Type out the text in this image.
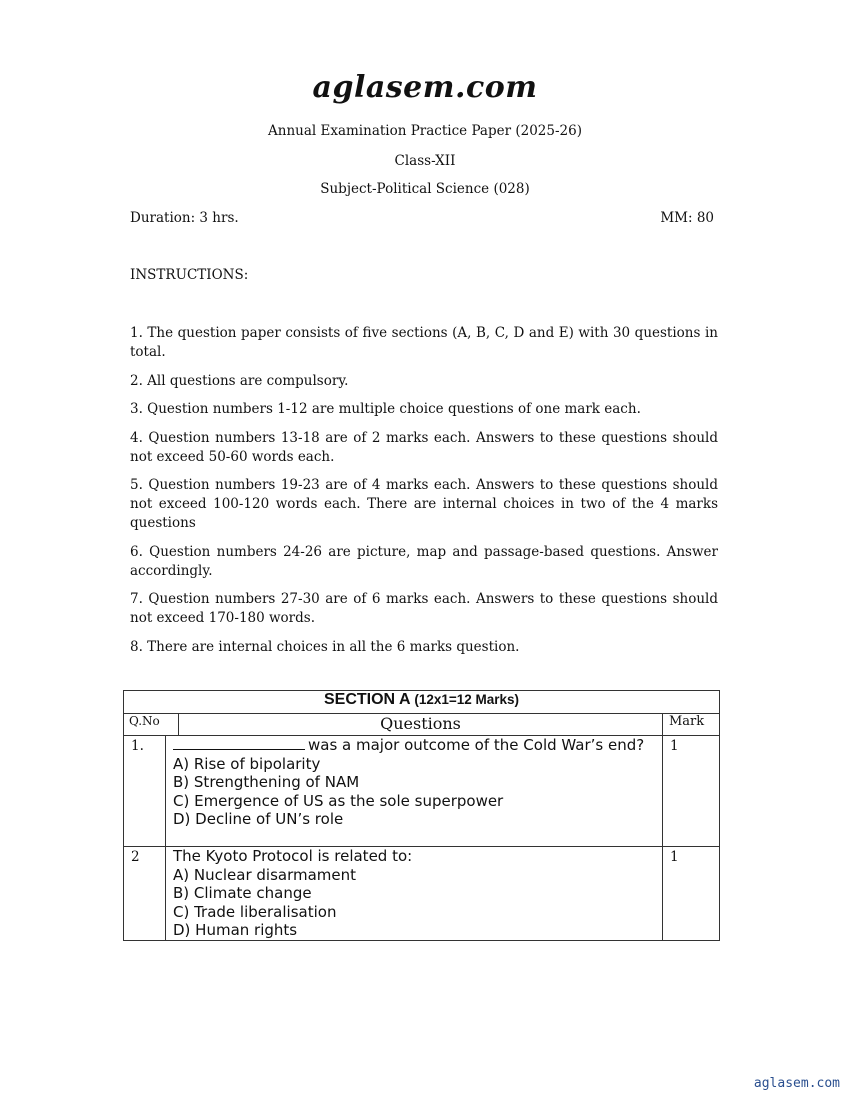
aglasem.com
Annual Examination Practice Paper (2025-26)
Class-XII
Subject-Political Science (028)
Duration: 3 hrs.	MM: 80
INSTRUCTIONS:
1. The question paper consists of five sections (A, B, C, D and E) with 30 questions in total.
2. All questions are compulsory.
3. Question numbers 1-12 are multiple choice questions of one mark each.
4. Question numbers 13-18 are of 2 marks each. Answers to these questions should not exceed 50-60 words each.
5. Question numbers 19-23 are of 4 marks each. Answers to these questions should not exceed 100-120 words each. There are internal choices in two of the 4 marks questions
6. Question numbers 24-26 are picture, map and passage-based questions. Answer accordingly.
7. Question numbers 27-30 are of 6 marks each. Answers to these questions should not exceed 170-180 words.
8. There are internal choices in all the 6 marks question.
SECTION A (12x1=12 Marks)			
Q.No		Questions	Mark
1.	was a major outcome of the Cold War’s end?
A) Rise of bipolarity
B) Strengthening of NAM
C) Emergence of US as the sole superpower
D) Decline of UN’s role		1
2	The Kyoto Protocol is related to:
A) Nuclear disarmament
B) Climate change
C) Trade liberalisation
D) Human rights		1
aglasem.com
